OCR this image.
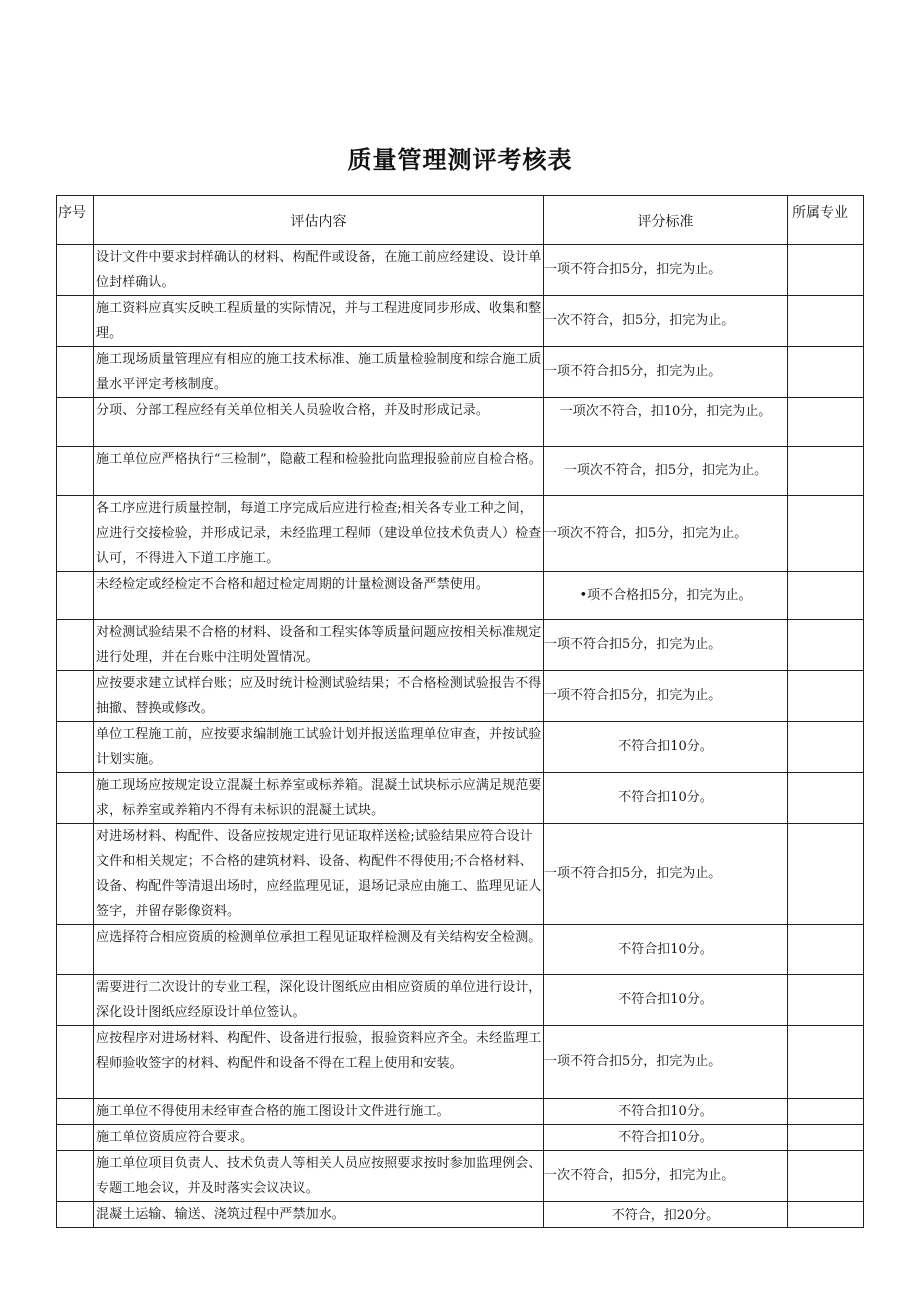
质量管理测评考核表
序号	评估内容	评分标准	所属专业
	设计文件中要求封样确认的材料、构配件或设备，在施工前应经建设、设计单位封样确认。	一项不符合扣5分，扣完为止。	
	施工资料应真实反映工程质量的实际情况，并与工程进度同步形成、收集和整理。	一次不符合，扣5分，扣完为止。	
	施工现场质量管理应有相应的施工技术标准、施工质量检验制度和综合施工质量水平评定考核制度。	一项不符合扣5分，扣完为止。	
	分项、分部工程应经有关单位相关人员验收合格，并及时形成记录。	一项次不符合，扣10分，扣完为止。	
	施工单位应严格执行“三检制”，隐蔽工程和检验批向监理报验前应自检合格。	一项次不符合，扣5分，扣完为止。	
	各工序应进行质量控制，每道工序完成后应进行检查;相关各专业工种之间，应进行交接检验，并形成记录，未经监理工程师（建设单位技术负责人）检查认可，不得进入下道工序施工。	一项次不符合，扣5分，扣完为止。	
	未经检定或经检定不合格和超过检定周期的计量检测设备严禁使用。	•项不合格扣5分，扣完为止。	
	对检测试验结果不合格的材料、设备和工程实体等质量问题应按相关标准规定进行处理，并在台账中注明处置情况。	一项不符合扣5分，扣完为止。	
	应按要求建立试样台账；应及时统计检测试验结果；不合格检测试验报告不得抽撤、替换或修改。	一项不符合扣5分，扣完为止。	
	单位工程施工前，应按要求编制施工试验计划并报送监理单位审查，并按试验计划实施。	不符合扣10分。	
	施工现场应按规定设立混凝土标养室或标养箱。混凝土试块标示应满足规范要求，标养室或养箱内不得有未标识的混凝土试块。	不符合扣10分。	
	对进场材料、构配件、设备应按规定进行见证取样送检;试验结果应符合设计文件和相关规定；不合格的建筑材料、设备、构配件不得使用;不合格材料、设备、构配件等清退出场时，应经监理见证，退场记录应由施工、监理见证人签字，并留存影像资料。	一项不符合扣5分，扣完为止。	
	应选择符合相应资质的检测单位承担工程见证取样检测及有关结构安全检测。	不符合扣10分。	
	需要进行二次设计的专业工程，深化设计图纸应由相应资质的单位进行设计，深化设计图纸应经原设计单位签认。	不符合扣10分。	
	应按程序对进场材料、构配件、设备进行报验，报验资料应齐全。未经监理工程师验收签字的材料、构配件和设备不得在工程上使用和安装。	一项不符合扣5分，扣完为止。	
	施工单位不得使用未经审查合格的施工图设计文件进行施工。	不符合扣10分。	
	施工单位资质应符合要求。	不符合扣10分。	
	施工单位项目负责人、技术负责人等相关人员应按照要求按时参加监理例会、专题工地会议，并及时落实会议决议。	一次不符合，扣5分，扣完为止。	
	混凝土运输、输送、浇筑过程中严禁加水。	不符合，扣20分。	
